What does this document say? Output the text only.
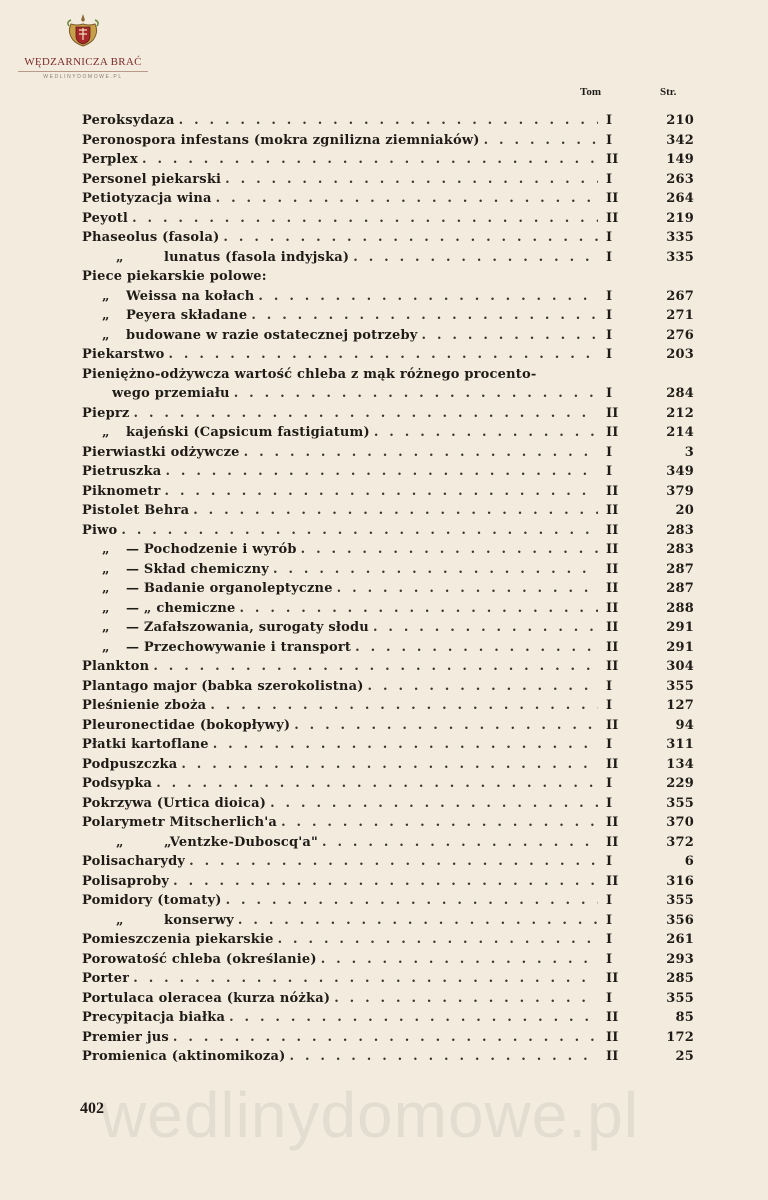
WĘDZARNICZA BRAĆ
WEDLINYDOMOWE.PL
Tom	Str.
Peroksydaza . . .	I	210
Peronospora infestans (mokra zgnilizna ziemniaków) . . .	I	342
Perplex . . .	II	149
Personel piekarski . . .	I	263
Petiotyzacja wina . . .	II	264
Peyotl . . .	II	219
Phaseolus (fasola) . . .	I	335
„	lunatus (fasola indyjska) . . .	I	335
Piece piekarskie polowe:
„	Weissa na kołach . . .	I	267
„	Peyera składane . . .	I	271
„	budowane w razie ostatecznej potrzeby . . .	I	276
Piekarstwo . . .	I	203
Pieniężno-odżywcza wartość chleba z mąk różnego procento-
wego przemiału . . .	I	284
Pieprz . . .	II	212
„	kajeński (Capsicum fastigiatum) . . .	II	214
Pierwiastki odżywcze . . .	I	3
Pietruszka . . .	I	349
Piknometr . . .	II	379
Pistolet Behra . . .	II	20
Piwo . . .	II	283
„	— Pochodzenie i wyrób . . .	II	283
„	— Skład chemiczny . . .	II	287
„	— Badanie organoleptyczne . . .	II	287
„	— „ chemiczne . . .	II	288
„	— Zafałszowania, surogaty słodu . . .	II	291
„	— Przechowywanie i transport . . .	II	291
Plankton . . .	II	304
Plantago major (babka szerokolistna) . . .	I	355
Pleśnienie zboża . . .	I	127
Pleuronectidae (bokopływy) . . .	II	94
Płatki kartoflane . . .	I	311
Podpuszczka . . .	II	134
Podsypka . . .	I	229
Pokrzywa (Urtica dioica) . . .	I	355
Polarymetr Mitscherlich'a . . .	II	370
„	„Ventzke-Duboscq'a" . . .	II	372
Polisacharydy . . .	I	6
Polisaproby . . .	II	316
Pomidory (tomaty) . . .	I	355
„	konserwy . . .	I	356
Pomieszczenia piekarskie . . .	I	261
Porowatość chleba (określanie) . . .	I	293
Porter . . .	II	285
Portulaca oleracea (kurza nóżka) . . .	I	355
Precypitacja białka . . .	II	85
Premier jus . . .	II	172
Promienica (aktinomikoza) . . .	II	25
wedlinydomowe.pl
402
